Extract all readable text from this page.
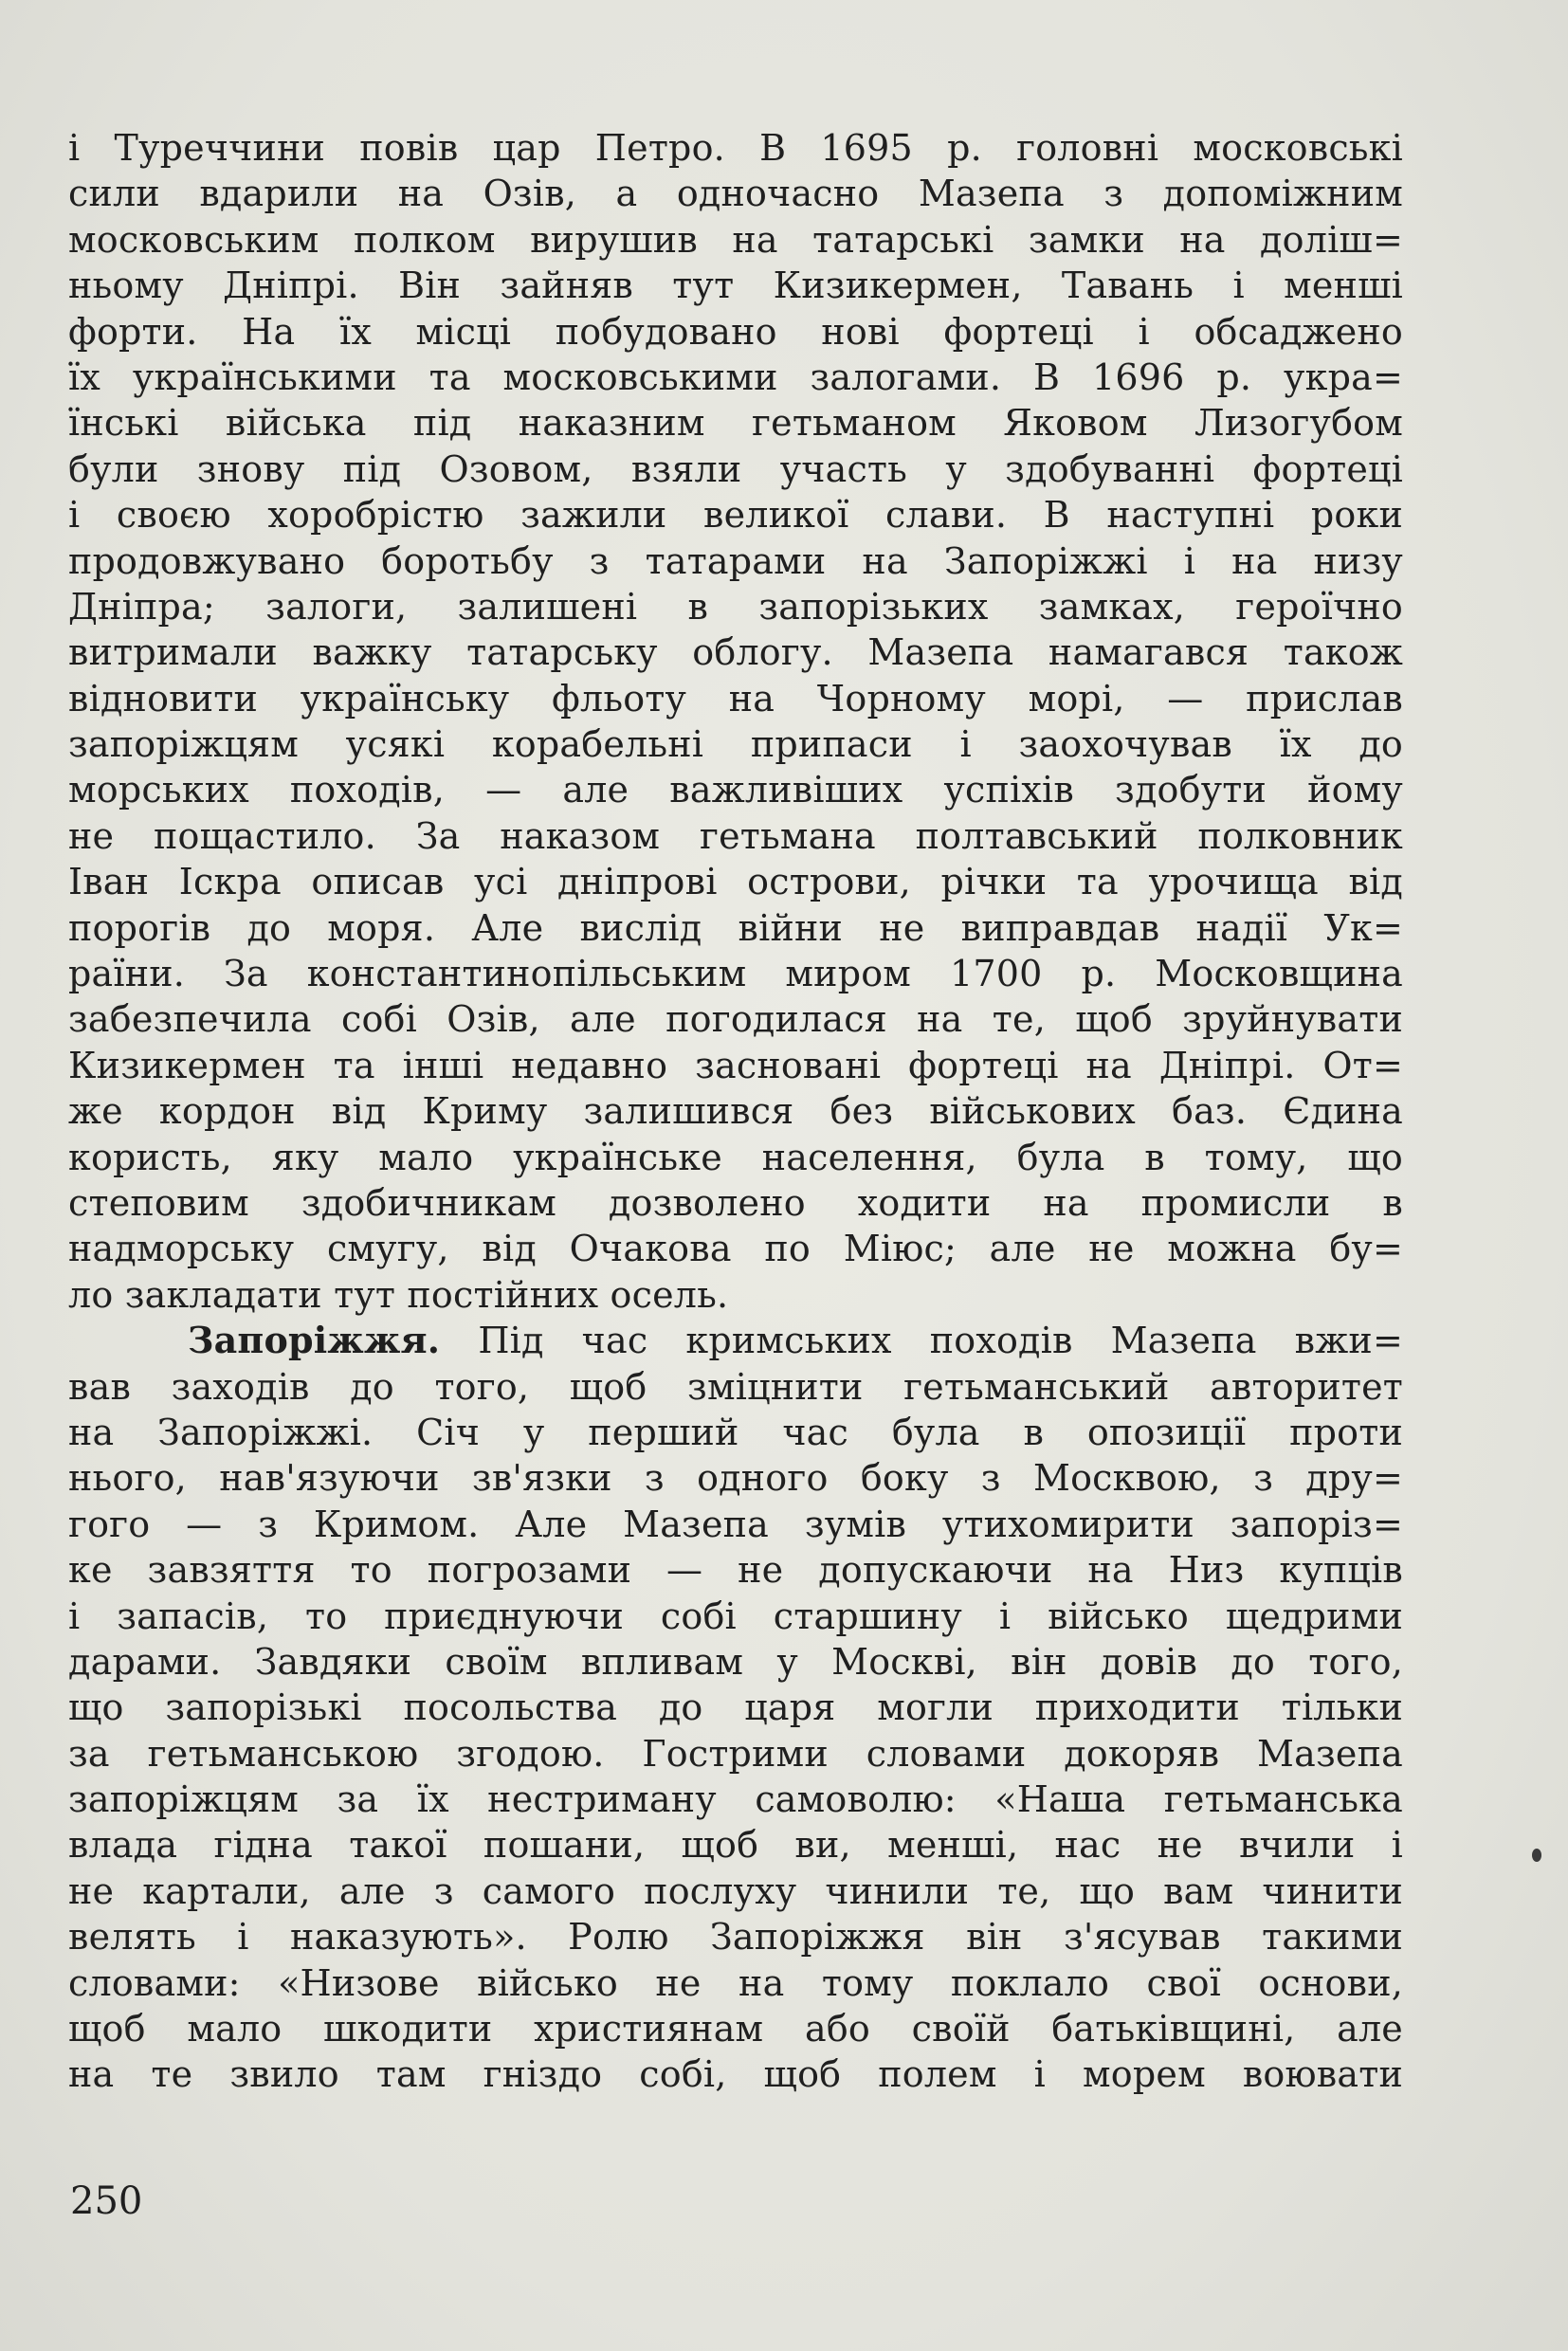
і Туреччини повів цар Петро. В 1695 р. головні московські
сили вдарили на Озів, а одночасно Мазепа з допоміжним
московським полком вирушив на татарські замки на доліш=
ньому Дніпрі. Він зайняв тут Кизикермен, Тавань і менші
форти. На їх місці побудовано нові фортеці і обсаджено
їх українськими та московськими залогами. В 1696 р. укра=
їнські війська під наказним гетьманом Яковом Лизогубом
були знову під Озовом, взяли участь у здобуванні фортеці
і своєю хоробрістю зажили великої слави. В наступні роки
продовжувано боротьбу з татарами на Запоріжжі і на низу
Дніпра; залоги, залишені в запорізьких замках, героїчно
витримали важку татарську облогу. Мазепа намагався також
відновити українську фльоту на Чорному морі, — прислав
запоріжцям усякі корабельні припаси і заохочував їх до
морських походів, — але важливіших успіхів здобути йому
не пощастило. За наказом гетьмана полтавський полковник
Іван Іскра описав усі дніпрові острови, річки та урочища від
порогів до моря. Але вислід війни не виправдав надії Ук=
раїни. За константинопільським миром 1700 р. Московщина
забезпечила собі Озів, але погодилася на те, щоб зруйнувати
Кизикермен та інші недавно засновані фортеці на Дніпрі. От=
же кордон від Криму залишився без військових баз. Єдина
користь, яку мало українське населення, була в тому, що
степовим здобичникам дозволено ходити на промисли в
надморську смугу, від Очакова по Міюс; але не можна бу=
ло закладати тут постійних осель.
Запоріжжя. Під час кримських походів Мазепа вжи=
вав заходів до того, щоб зміцнити гетьманський авторитет
на Запоріжжі. Січ у перший час була в опозиції проти
нього, нав'язуючи зв'язки з одного боку з Москвою, з дру=
гого — з Кримом. Але Мазепа зумів утихомирити запоріз=
ке завзяття то погрозами — не допускаючи на Низ купців
і запасів, то приєднуючи собі старшину і військо щедрими
дарами. Завдяки своїм впливам у Москві, він довів до того,
що запорізькі посольства до царя могли приходити тільки
за гетьманською згодою. Гострими словами докоряв Мазепа
запоріжцям за їх нестриману самоволю: «Наша гетьманська
влада гідна такої пошани, щоб ви, менші, нас не вчили і
не картали, але з самого послуху чинили те, що вам чинити
велять і наказують». Ролю Запоріжжя він з'ясував такими
словами: «Низове військо не на тому поклало свої основи,
щоб мало шкодити християнам або своїй батьківщині, але
на те звило там гніздо собі, щоб полем і морем воювати
250
